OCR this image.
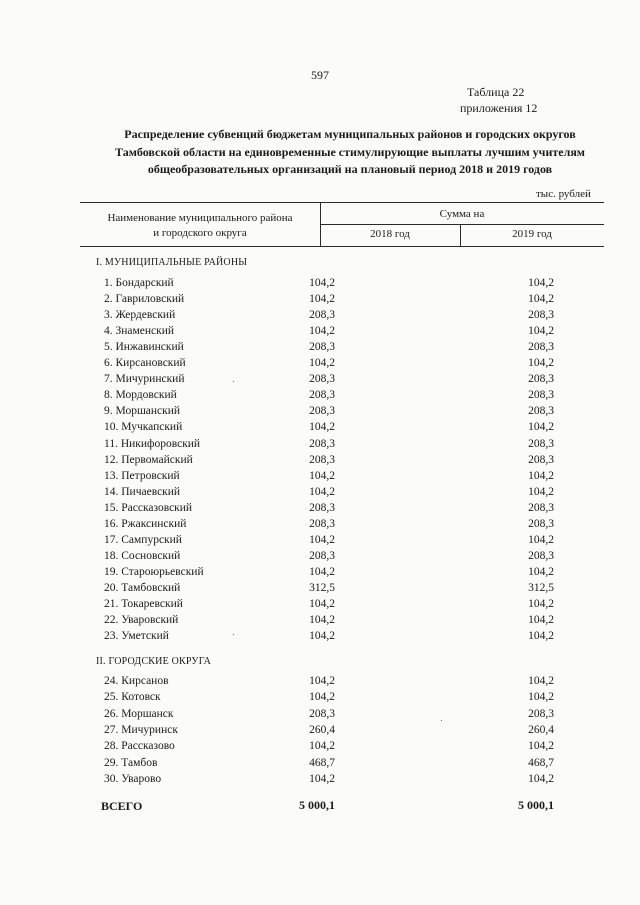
597
Таблица 22
приложения 12
Распределение субвенций бюджетам муниципальных районов и городских округов
Тамбовской области на единовременные стимулирующие выплаты лучшим учителям
общеобразовательных организаций на плановый период 2018 и 2019 годов
тыс. рублей
Наименование муниципального района
и городского округа
Сумма на
2018 год	2019 год
I. МУНИЦИПАЛЬНЫЕ РАЙОНЫ
1. Бондарский	104,2	104,2
2. Гавриловский	104,2	104,2
3. Жердевский	208,3	208,3
4. Знаменский	104,2	104,2
5. Инжавинский	208,3	208,3
6. Кирсановский	104,2	104,2
7. Мичуринский	208,3	208,3
8. Мордовский	208,3	208,3
9. Моршанский	208,3	208,3
10. Мучкапский	104,2	104,2
11. Никифоровский	208,3	208,3
12. Первомайский	208,3	208,3
13. Петровский	104,2	104,2
14. Пичаевский	104,2	104,2
15. Рассказовский	208,3	208,3
16. Ржаксинский	208,3	208,3
17. Сампурский	104,2	104,2
18. Сосновский	208,3	208,3
19. Староюрьевский	104,2	104,2
20. Тамбовский	312,5	312,5
21. Токаревский	104,2	104,2
22. Уваровский	104,2	104,2
23. Уметский	104,2	104,2
II. ГОРОДСКИЕ ОКРУГА
24. Кирсанов	104,2	104,2
25. Котовск	104,2	104,2
26. Моршанск	208,3	208,3
27. Мичуринск	260,4	260,4
28. Рассказово	104,2	104,2
29. Тамбов	468,7	468,7
30. Уварово	104,2	104,2
ВСЕГО	5 000,1	5 000,1
